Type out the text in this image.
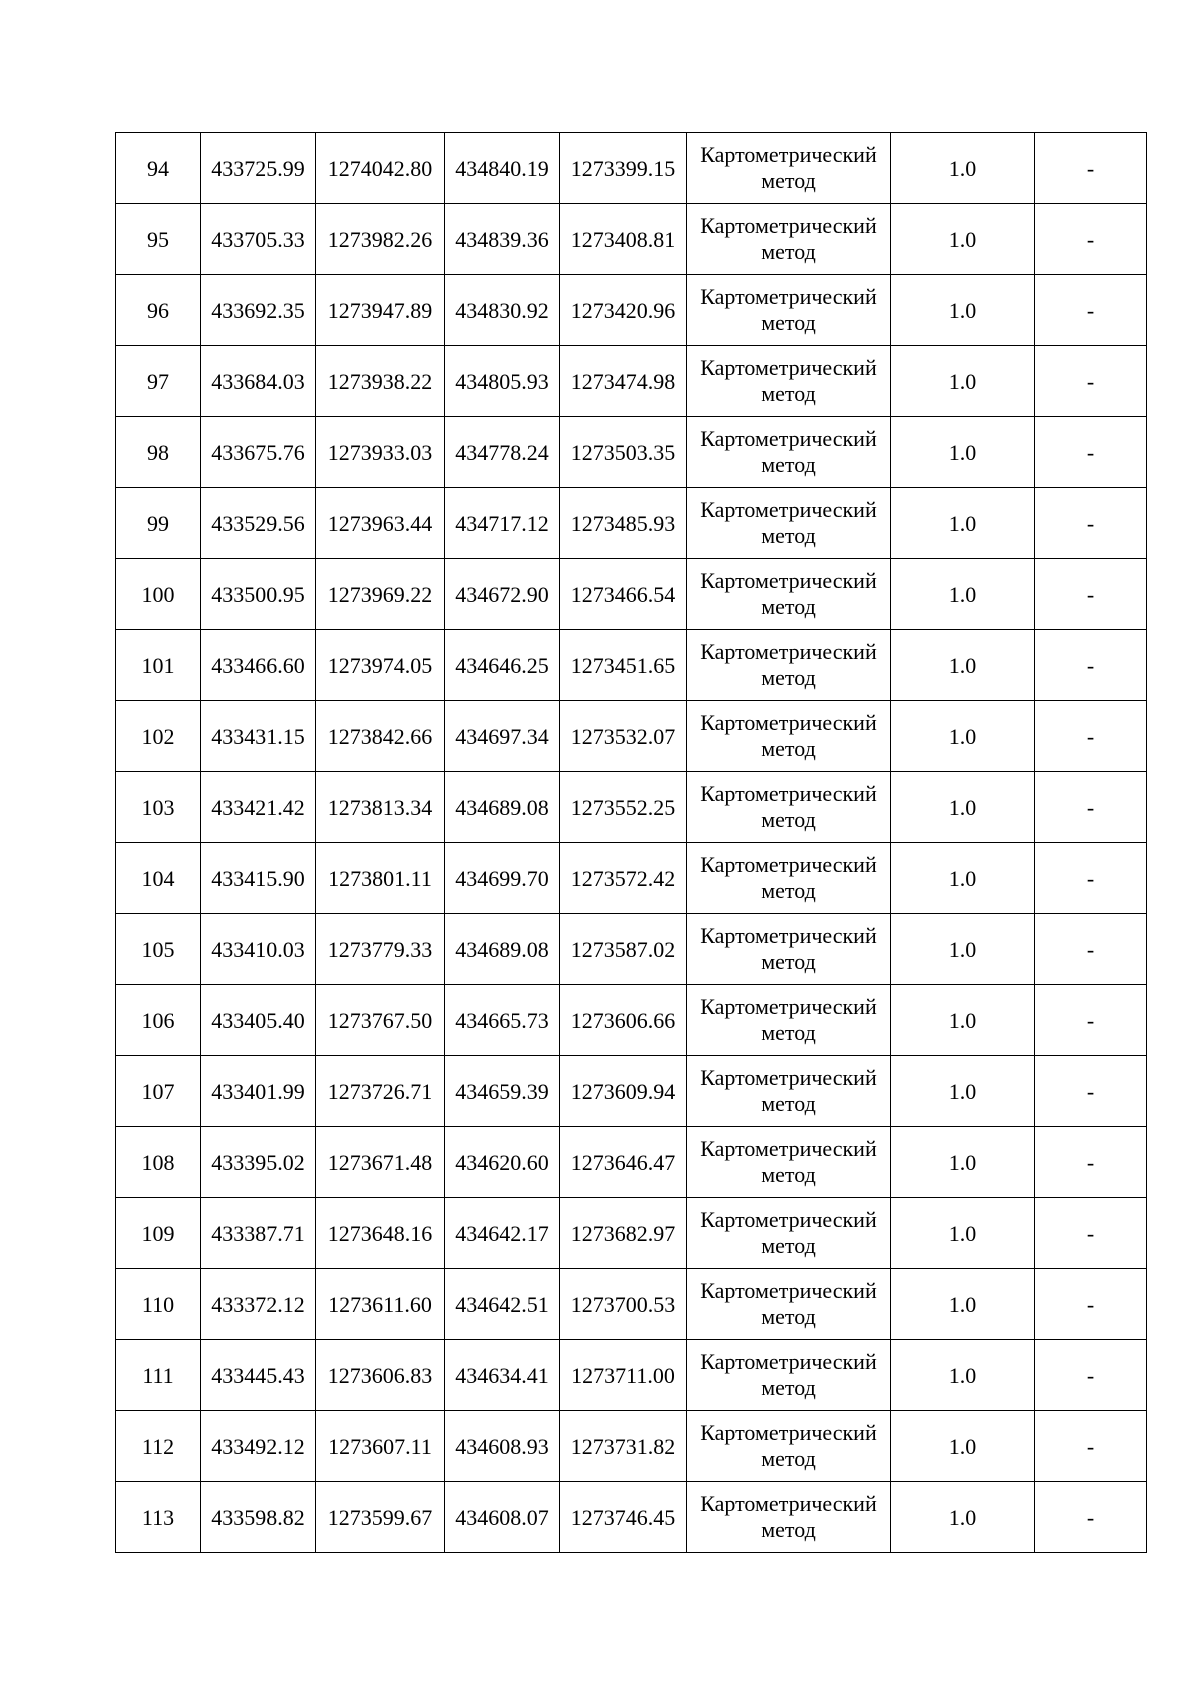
94	433725.99	1274042.80	434840.19	1273399.15	Картометрический
метод	1.0	-
95	433705.33	1273982.26	434839.36	1273408.81	Картометрический
метод	1.0	-
96	433692.35	1273947.89	434830.92	1273420.96	Картометрический
метод	1.0	-
97	433684.03	1273938.22	434805.93	1273474.98	Картометрический
метод	1.0	-
98	433675.76	1273933.03	434778.24	1273503.35	Картометрический
метод	1.0	-
99	433529.56	1273963.44	434717.12	1273485.93	Картометрический
метод	1.0	-
100	433500.95	1273969.22	434672.90	1273466.54	Картометрический
метод	1.0	-
101	433466.60	1273974.05	434646.25	1273451.65	Картометрический
метод	1.0	-
102	433431.15	1273842.66	434697.34	1273532.07	Картометрический
метод	1.0	-
103	433421.42	1273813.34	434689.08	1273552.25	Картометрический
метод	1.0	-
104	433415.90	1273801.11	434699.70	1273572.42	Картометрический
метод	1.0	-
105	433410.03	1273779.33	434689.08	1273587.02	Картометрический
метод	1.0	-
106	433405.40	1273767.50	434665.73	1273606.66	Картометрический
метод	1.0	-
107	433401.99	1273726.71	434659.39	1273609.94	Картометрический
метод	1.0	-
108	433395.02	1273671.48	434620.60	1273646.47	Картометрический
метод	1.0	-
109	433387.71	1273648.16	434642.17	1273682.97	Картометрический
метод	1.0	-
110	433372.12	1273611.60	434642.51	1273700.53	Картометрический
метод	1.0	-
111	433445.43	1273606.83	434634.41	1273711.00	Картометрический
метод	1.0	-
112	433492.12	1273607.11	434608.93	1273731.82	Картометрический
метод	1.0	-
113	433598.82	1273599.67	434608.07	1273746.45	Картометрический
метод	1.0	-
